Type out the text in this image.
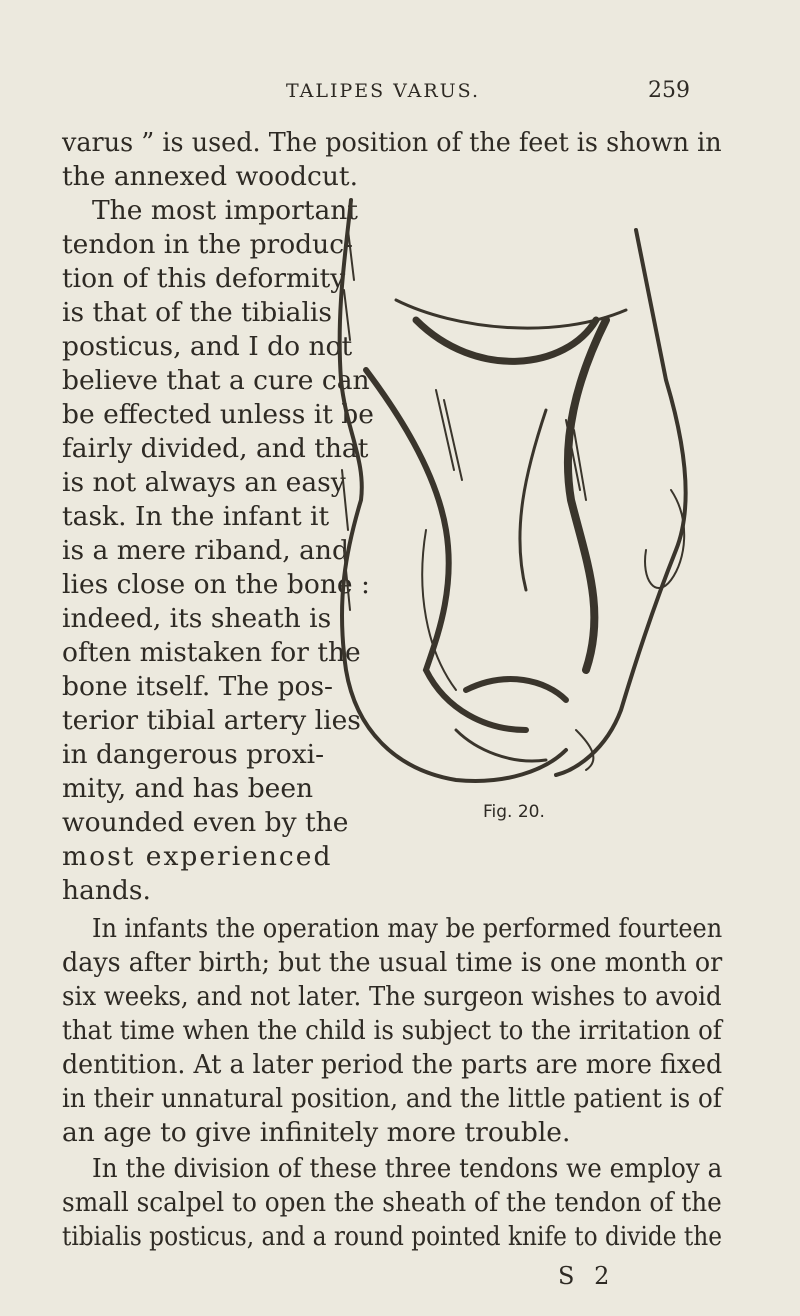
TALIPES VARUS.	259
varus ” is used. The position of the feet is shown in
the annexed woodcut.
The most important
tendon in the produc-
tion of this deformity
is that of the tibialis
posticus, and I do not
believe that a cure can
be effected unless it be
fairly divided, and that
is not always an easy
task. In the infant it
is a mere riband, and
lies close on the bone :
indeed, its sheath is
often mistaken for the
bone itself. The pos-
terior tibial artery lies
in dangerous proxi-
mity, and has been
wounded even by the
most experienced
hands.
Fig. 20.
In infants the operation may be performed fourteen
days after birth; but the usual time is one month or
six weeks, and not later. The surgeon wishes to avoid
that time when the child is subject to the irritation of
dentition. At a later period the parts are more fixed
in their unnatural position, and the little patient is of
an age to give infinitely more trouble.
In the division of these three tendons we employ a
small scalpel to open the sheath of the tendon of the
tibialis posticus, and a round pointed knife to divide the
S 2
